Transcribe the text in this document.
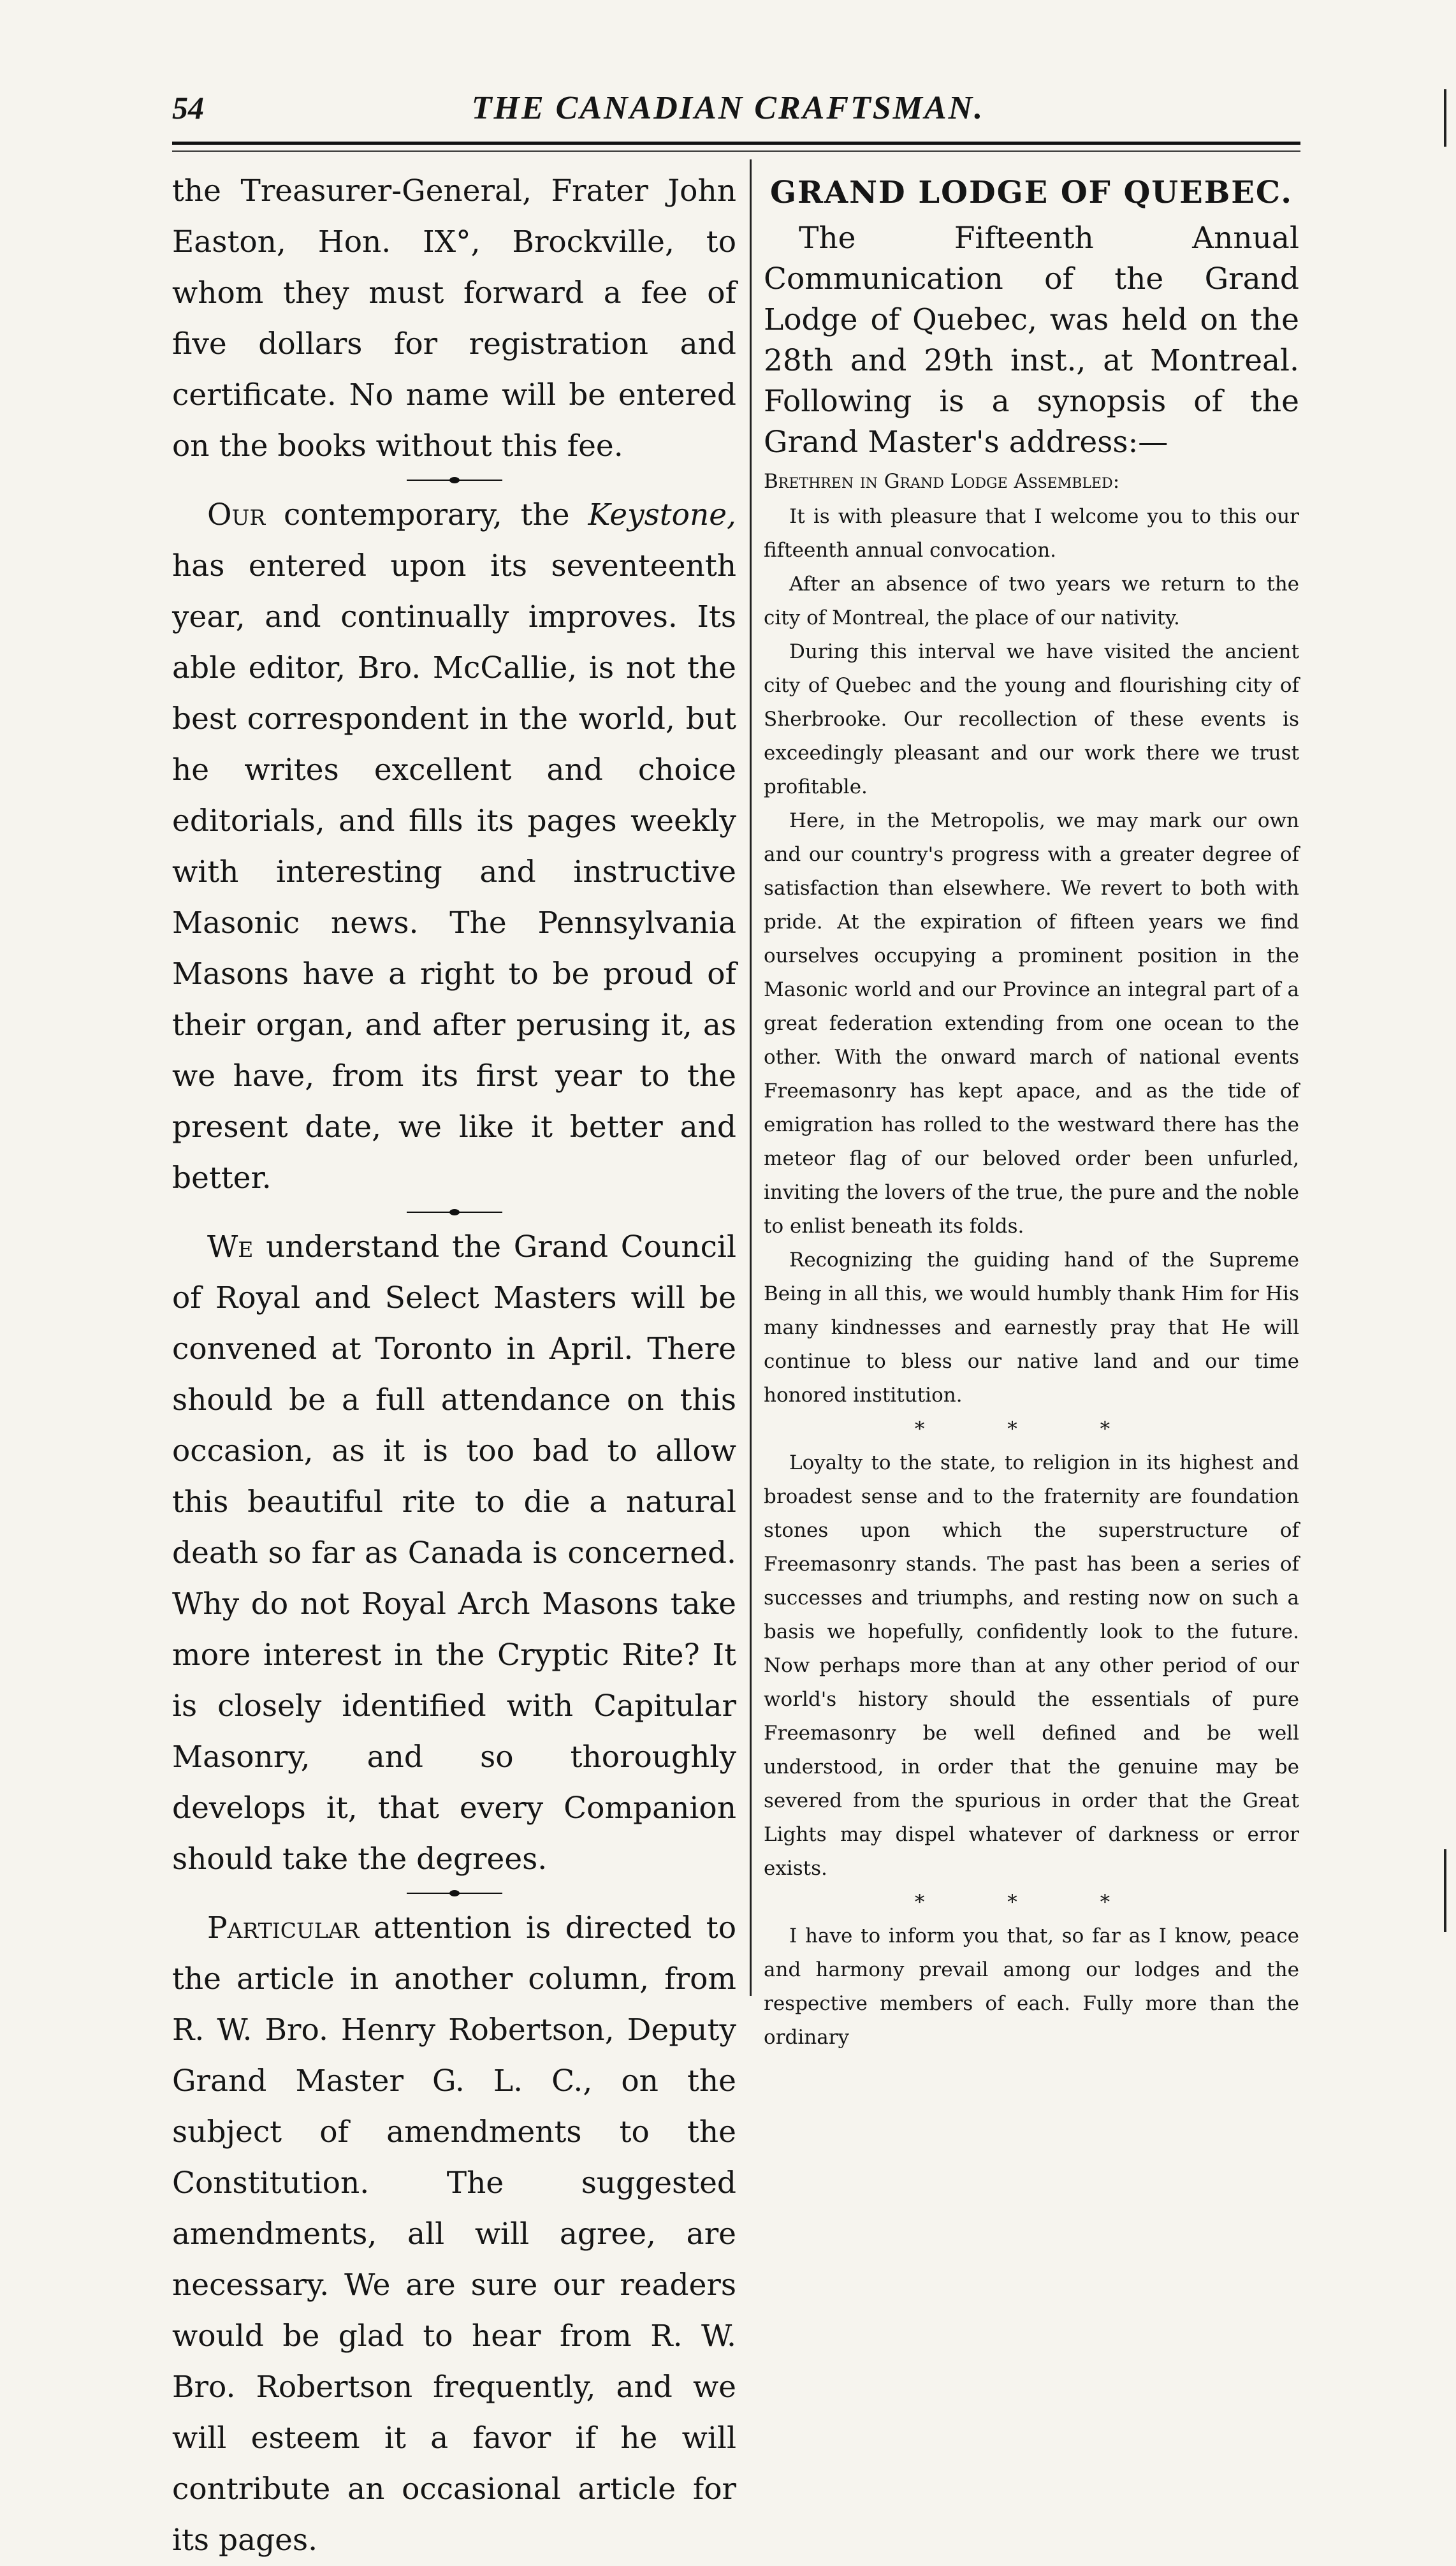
54	THE CANADIAN CRAFTSMAN.

the Treasurer-General, Frater John Easton, Hon. IX°, Brockville, to whom they must forward a fee of five dollars for registration and certificate. No name will be entered on the books without this fee.

Our contemporary, the Keystone, has entered upon its seventeenth year, and continually improves. Its able editor, Bro. McCallie, is not the best correspondent in the world, but he writes excellent and choice editorials, and fills its pages weekly with interesting and instructive Masonic news. The Pennsylvania Masons have a right to be proud of their organ, and after perusing it, as we have, from its first year to the present date, we like it better and better.

We understand the Grand Council of Royal and Select Masters will be convened at Toronto in April. There should be a full attendance on this occasion, as it is too bad to allow this beautiful rite to die a natural death so far as Canada is concerned. Why do not Royal Arch Masons take more interest in the Cryptic Rite? It is closely identified with Capitular Masonry, and so thoroughly develops it, that every Companion should take the degrees.

Particular attention is directed to the article in another column, from R. W. Bro. Henry Robertson, Deputy Grand Master G. L. C., on the subject of amendments to the Constitution. The suggested amendments, all will agree, are necessary. We are sure our readers would be glad to hear from R. W. Bro. Robertson frequently, and we will esteem it a favor if he will contribute an occasional article for its pages.

GRAND LODGE OF QUEBEC.

The Fifteenth Annual Communication of the Grand Lodge of Quebec, was held on the 28th and 29th inst., at Montreal. Following is a synopsis of the Grand Master's address:—

Brethren in Grand Lodge Assembled:

It is with pleasure that I welcome you to this our fifteenth annual convocation.

After an absence of two years we return to the city of Montreal, the place of our nativity.

During this interval we have visited the ancient city of Quebec and the young and flourishing city of Sherbrooke. Our recollection of these events is exceedingly pleasant and our work there we trust profitable.

Here, in the Metropolis, we may mark our own and our country's progress with a greater degree of satisfaction than elsewhere. We revert to both with pride. At the expiration of fifteen years we find ourselves occupying a prominent position in the Masonic world and our Province an integral part of a great federation extending from one ocean to the other. With the onward march of national events Freemasonry has kept apace, and as the tide of emigration has rolled to the westward there has the meteor flag of our beloved order been unfurled, inviting the lovers of the true, the pure and the noble to enlist beneath its folds.

Recognizing the guiding hand of the Supreme Being in all this, we would humbly thank Him for His many kindnesses and earnestly pray that He will continue to bless our native land and our time honored institution.

* * *

Loyalty to the state, to religion in its highest and broadest sense and to the fraternity are foundation stones upon which the superstructure of Freemasonry stands. The past has been a series of successes and triumphs, and resting now on such a basis we hopefully, confidently look to the future. Now perhaps more than at any other period of our world's history should the essentials of pure Freemasonry be well defined and be well understood, in order that the genuine may be severed from the spurious in order that the Great Lights may dispel whatever of darkness or error exists.

* * *

I have to inform you that, so far as I know, peace and harmony prevail among our lodges and the respective members of each. Fully more than the ordinary
